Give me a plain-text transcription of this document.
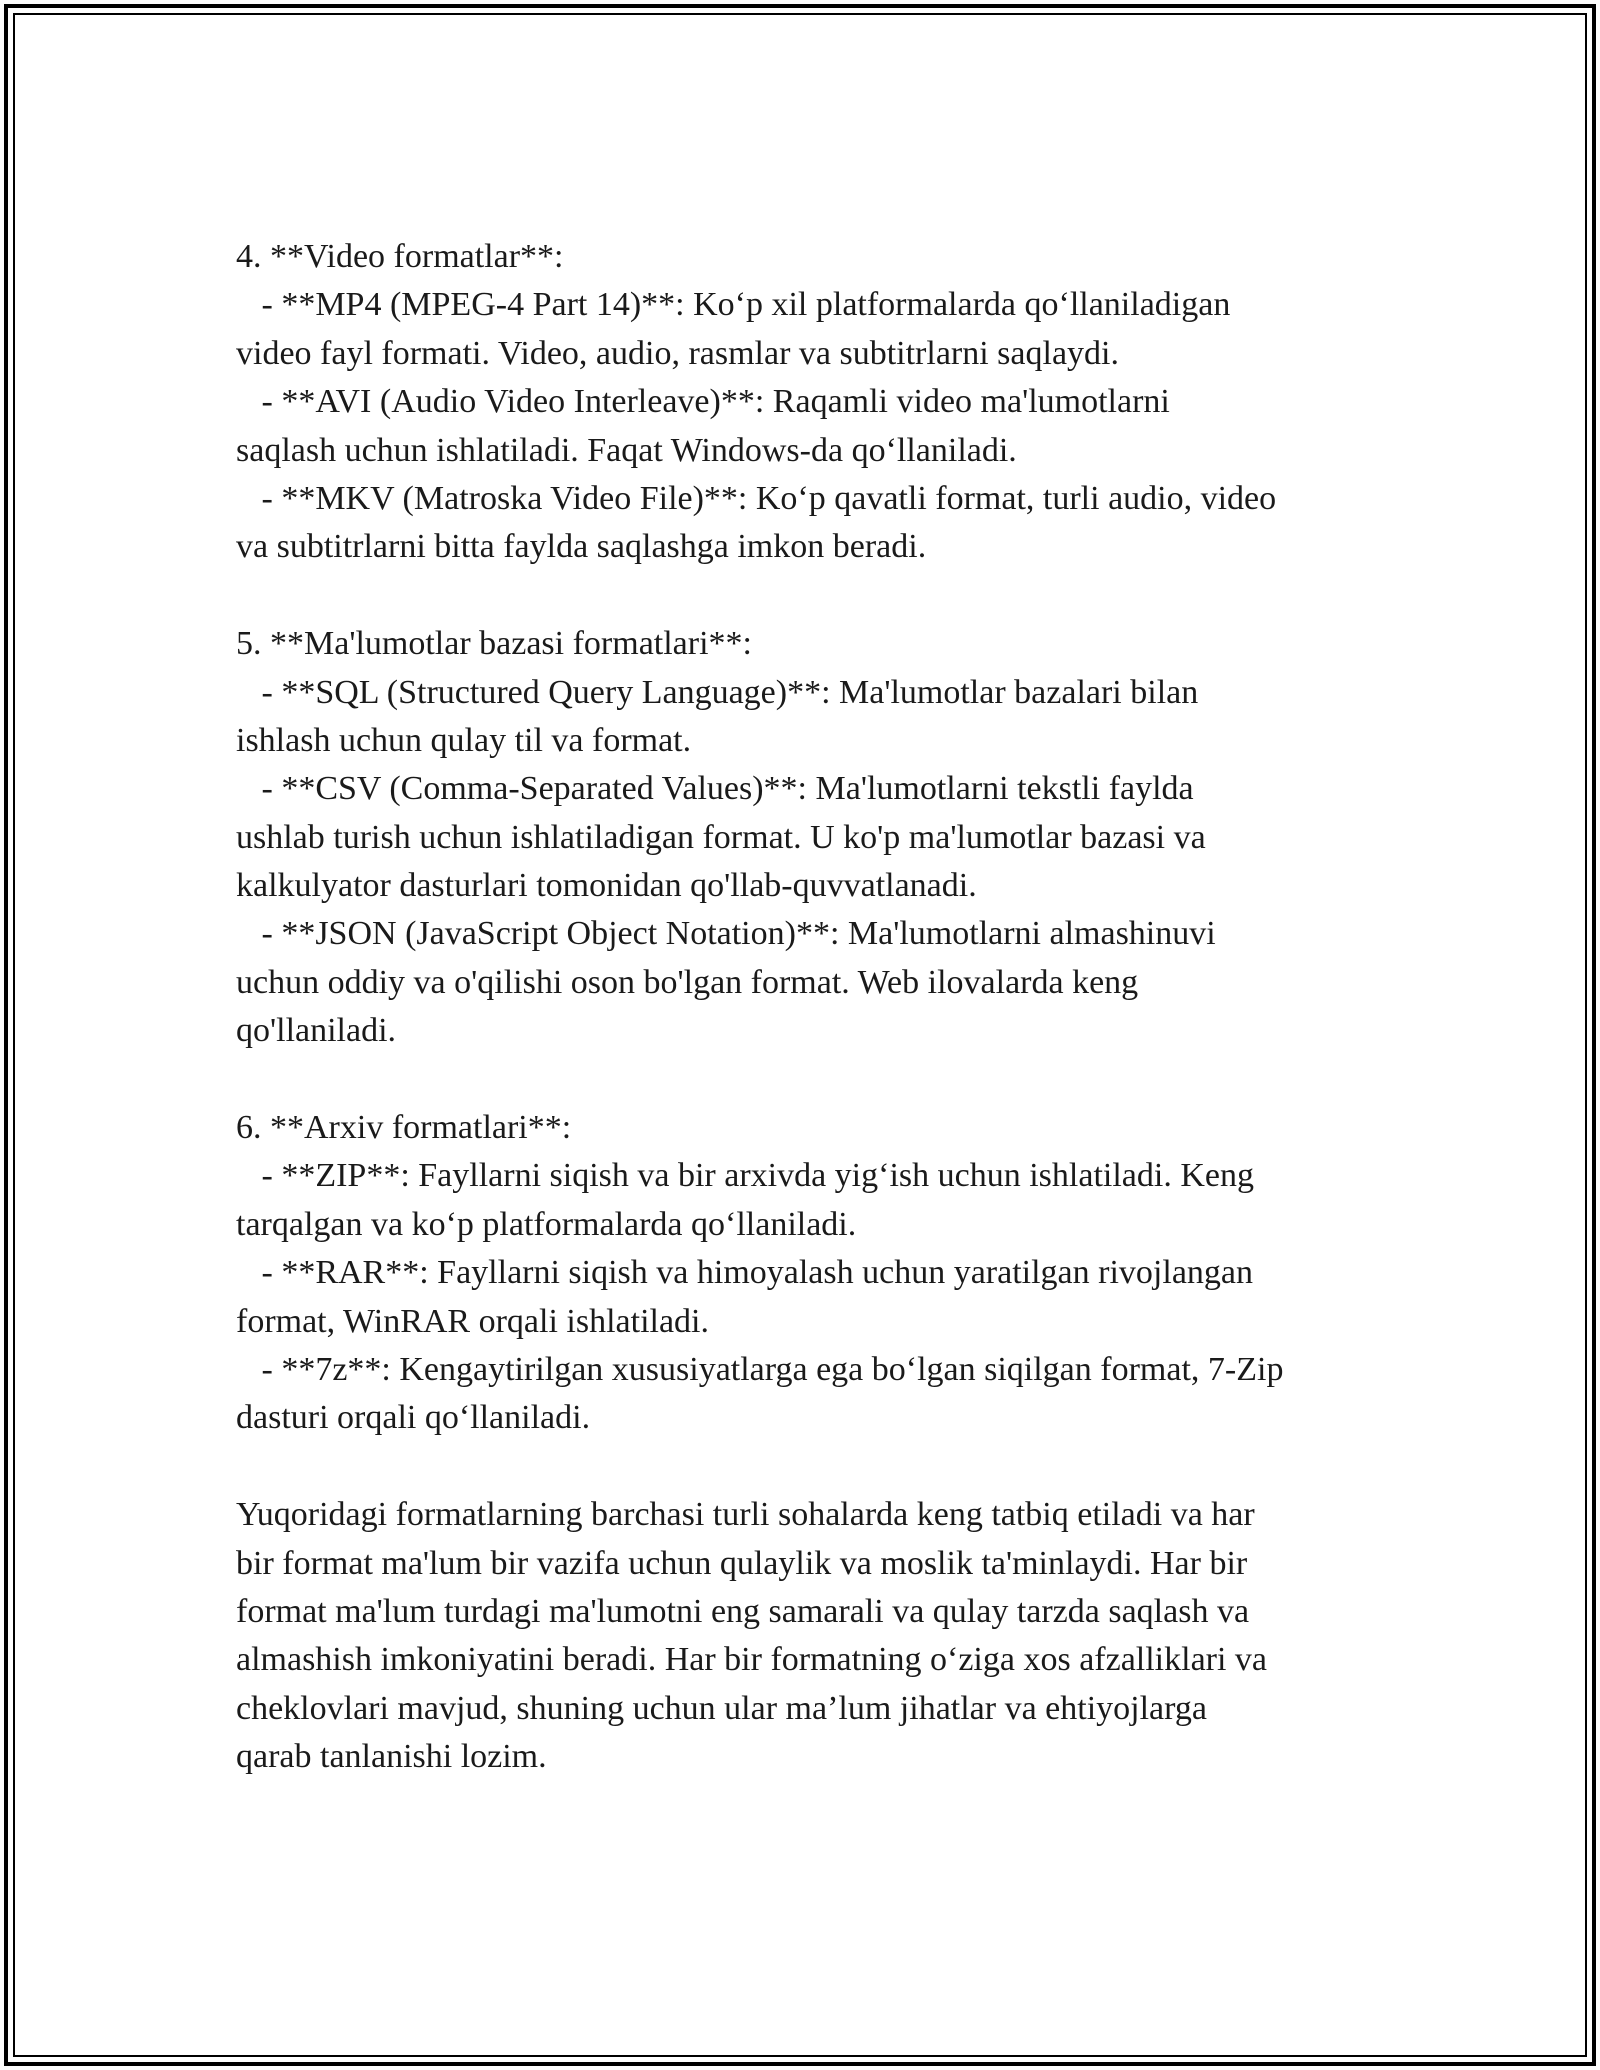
4. **Video formatlar**:
- **MP4 (MPEG-4 Part 14)**: Ko‘p xil platformalarda qo‘llaniladigan
video fayl formati. Video, audio, rasmlar va subtitrlarni saqlaydi.
- **AVI (Audio Video Interleave)**: Raqamli video ma'lumotlarni
saqlash uchun ishlatiladi. Faqat Windows-da qo‘llaniladi.
- **MKV (Matroska Video File)**: Ko‘p qavatli format, turli audio, video
va subtitrlarni bitta faylda saqlashga imkon beradi.
5. **Ma'lumotlar bazasi formatlari**:
- **SQL (Structured Query Language)**: Ma'lumotlar bazalari bilan
ishlash uchun qulay til va format.
- **CSV (Comma-Separated Values)**: Ma'lumotlarni tekstli faylda
ushlab turish uchun ishlatiladigan format. U ko'p ma'lumotlar bazasi va
kalkulyator dasturlari tomonidan qo'llab-quvvatlanadi.
- **JSON (JavaScript Object Notation)**: Ma'lumotlarni almashinuvi
uchun oddiy va o'qilishi oson bo'lgan format. Web ilovalarda keng
qo'llaniladi.
6. **Arxiv formatlari**:
- **ZIP**: Fayllarni siqish va bir arxivda yig‘ish uchun ishlatiladi. Keng
tarqalgan va ko‘p platformalarda qo‘llaniladi.
- **RAR**: Fayllarni siqish va himoyalash uchun yaratilgan rivojlangan
format, WinRAR orqali ishlatiladi.
- **7z**: Kengaytirilgan xususiyatlarga ega bo‘lgan siqilgan format, 7-Zip
dasturi orqali qo‘llaniladi.
Yuqoridagi formatlarning barchasi turli sohalarda keng tatbiq etiladi va har
bir format ma'lum bir vazifa uchun qulaylik va moslik ta'minlaydi. Har bir
format ma'lum turdagi ma'lumotni eng samarali va qulay tarzda saqlash va
almashish imkoniyatini beradi. Har bir formatning o‘ziga xos afzalliklari va
cheklovlari mavjud, shuning uchun ular ma’lum jihatlar va ehtiyojlarga
qarab tanlanishi lozim.
